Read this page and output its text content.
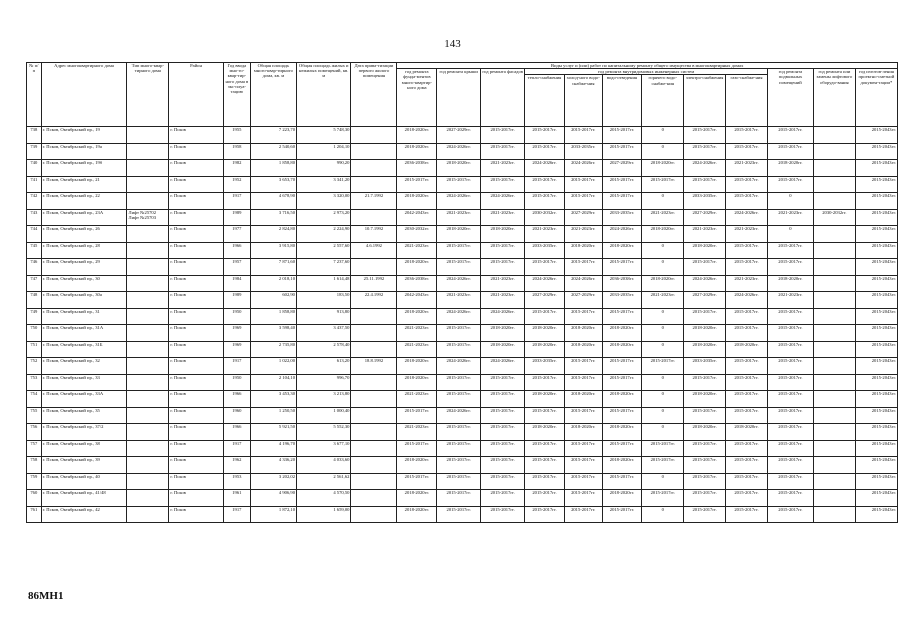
143
№ п/п	Адрес многоквартирного дома	Тип много-квар-тирного дома	Район	Год ввода мно-го-квар-тир-ного дома в экс-плуа-тацию	Общая площадь много-квар-тирного дома, кв. м	Общая площадь жилых и нежилых помещений, кв. м	Дата прива-тизации первого жилого помещения	Виды услуг и (или) работ по капитальному ремонту общего имущества в многоквартирных домах											
								год ремонта фунда-ментов много-квартир-ного дома	год ремонта крыши	год ремонта фасадов	год ремонта внутридомовых инженерных систем						год ремонта подвальных помещений	год ремонта или замены лифтового оборудо-вания	год изготов-ления проектно-сметной докумен-тации*
											тепло-снабжения	холод-ного водо-снабже-ния	водо-отведения	горячего водо-снабже-ния	электро-снабжения	газо-снабже-ния			
738	г. Псков, Октябрьский пр., 19		г. Псков	1955	7 223,70	5 748,30		2018-2020гг.	2027-2029гг.	2015-2017гг.	2015-2017гг.	2015-2017гг.	2015-2017гг.	0	2015-2017гг.	2015-2017гг.	2015-2017гг.		2015-2043гг.
739	г. Псков, Октябрьский пр., 19а		г. Псков	1958	2 540,60	1 204,10		2018-2020гг.	2024-2026гг.	2015-2017гг.	2015-2017гг.	2033-2035гг.	2015-2017гг.	0	2015-2017гг.	2015-2017гг.	2015-2017гг.		2015-2043гг.
740	г. Псков, Октябрьский пр., 19б		г. Псков	1982	1 858,80	990,20		2036-2038гг.	2018-2020гг.	2021-2023гг.	2024-2026гг.	2024-2026гг.	2027-2029гг.	2018-2020гг.	2024-2026гг.	2021-2023гг.	2018-2020гг.		2015-2043гг.
741	г. Псков, Октябрьский пр., 21		г. Псков	1952	3 653,70	3 341,20		2015-2017гг.	2015-2017гг.	2015-2017гг.	2015-2017гг.	2015-2017гг.	2015-2017гг.	2015-2017гг.	2015-2017гг.	2015-2017гг.	2015-2017гг.		2015-2043гг.
742	г. Псков, Октябрьский пр., 22		г. Псков	1917	4 678,90	3 320,00	21.7.1992	2018-2020гг.	2024-2026гг.	2024-2026гг.	2015-2017гг.	2015-2017гг.	2015-2017гг.	0	2033-2035гг.	2015-2017гг.	0		2015-2043гг.
743	г. Псков, Октябрьский пр., 23А	Лифт №25702 Лифт №25703	г. Псков	1989	3 716,50	2 973,20		2042-2043гг.	2021-2023гг.	2021-2023гг.	2030-2032гг.	2027-2029гг.	2033-2035гг.	2021-2023гг.	2027-2029гг.	2024-2026гг.	2021-2023гг.	2030-2032гг.	2015-2043гг.
744	г. Псков, Октябрьский пр., 26		г. Псков	1977	2 824,80	2 224,90	10.7.1992	2030-2032гг.	2018-2020гг.	2018-2020гг.	2021-2023гг.	2021-2023гг.	2024-2026гг.	2018-2020гг.	2021-2023гг.	2021-2023гг.	0		2015-2043гг.
745	г. Псков, Октябрьский пр., 28		г. Псков	1966	3 915,80	2 557,60	4.6.1992	2021-2023гг.	2015-2017гг.	2015-2017гг.	2033-2035гг.	2018-2020гг.	2018-2020гг.	0	2018-2020гг.	2015-2017гг.	2015-2017гг.		2015-2043гг.
746	г. Псков, Октябрьский пр., 29		г. Псков	1957	7 871,60	7 237,60		2018-2020гг.	2015-2017гг.	2015-2017гг.	2015-2017гг.	2015-2017гг.	2015-2017гг.	0	2015-2017гг.	2015-2017гг.	2015-2017гг.		2015-2043гг.
747	г. Псков, Октябрьский пр., 30		г. Псков	1984	2 018,10	1 614,48	25.11.1992	2036-2038гг.	2024-2026гг.	2021-2023гг.	2024-2026гг.	2024-2026гг.	2036-2038гг.	2018-2020гг.	2024-2026гг.	2021-2023гг.	2018-2020гг.		2015-2043гг.
748	г. Псков, Октябрьский пр., 30а		г. Псков	1989	602,90	183,50	22.4.1992	2042-2043гг.	2021-2023гг.	2021-2023гг.	2027-2029гг.	2027-2029гг.	2033-2035гг.	2021-2023гг.	2027-2029гг.	2024-2026гг.	2021-2023гг.		2015-2043гг.
749	г. Псков, Октябрьский пр., 31		г. Псков	1950	1 858,80	913,80		2018-2020гг.	2024-2026гг.	2024-2026гг.	2015-2017гг.	2015-2017гг.	2015-2017гг.	0	2015-2017гг.	2015-2017гг.	2015-2017гг.		2015-2043гг.
750	г. Псков, Октябрьский пр., 31А		г. Псков	1969	3 598,40	3 437,50		2021-2023гг.	2015-2017гг.	2018-2020гг.	2018-2020гг.	2018-2020гг.	2018-2020гг.	0	2018-2020гг.	2015-2017гг.	2015-2017гг.		2015-2043гг.
751	г. Псков, Октябрьский пр., 31Б		г. Псков	1969	2 735,80	2 578,40		2021-2023гг.	2015-2017гг.	2018-2020гг.	2018-2020гг.	2018-2020гг.	2018-2020гг.	0	2018-2020гг.	2018-2020гг.	2015-2017гг.		2015-2043гг.
752	г. Псков, Октябрьский пр., 32		г. Псков	1917	1 022,00	613,20	18.8.1992	2018-2020гг.	2024-2026гг.	2024-2026гг.	2033-2035гг.	2015-2017гг.	2015-2017гг.	2015-2017гг.	2033-2035гг.	2015-2017гг.	2015-2017гг.		2015-2043гг.
753	г. Псков, Октябрьский пр., 33		г. Псков	1950	2 104,10	996,70		2018-2020гг.	2015-2017гг.	2015-2017гг.	2015-2017гг.	2015-2017гг.	2015-2017гг.	0	2015-2017гг.	2015-2017гг.	2015-2017гг.		2015-2043гг.
754	г. Псков, Октябрьский пр., 33А		г. Псков	1966	3 453,30	3 213,80		2021-2023гг.	2015-2017гг.	2015-2017гг.	2018-2020гг.	2018-2020гг.	2018-2020гг.	0	2018-2020гг.	2015-2017гг.	2015-2017гг.		2015-2043гг.
755	г. Псков, Октябрьский пр., 35		г. Псков	1960	1 250,50	1 000,40		2015-2017гг.	2024-2026гг.	2015-2017гг.	2015-2017гг.	2015-2017гг.	2015-2017гг.	0	2015-2017гг.	2015-2017гг.	2015-2017гг.		2015-2043гг.
756	г. Псков, Октябрьский пр., 37/2		г. Псков	1966	5 921,50	5 552,30		2021-2023гг.	2015-2017гг.	2015-2017гг.	2018-2020гг.	2018-2020гг.	2018-2020гг.	0	2018-2020гг.	2018-2020гг.	2015-2017гг.		2015-2043гг.
757	г. Псков, Октябрьский пр., 38		г. Псков	1917	4 196,70	3 677,10		2015-2017гг.	2015-2017гг.	2015-2017гг.	2015-2017гг.	2015-2017гг.	2015-2017гг.	2015-2017гг.	2015-2017гг.	2015-2017гг.	2015-2017гг.		2015-2043гг.
758	г. Псков, Октябрьский пр., 39		г. Псков	1962	4 336,20	4 033,60		2018-2020гг.	2015-2017гг.	2015-2017гг.	2015-2017гг.	2015-2017гг.	2018-2020гг.	2015-2017гг.	2015-2017гг.	2015-2017гг.	2015-2017гг.		2015-2043гг.
759	г. Псков, Октябрьский пр., 40		г. Псков	1953	3 202,02	2 561,62		2015-2017гг.	2015-2017гг.	2015-2017гг.	2015-2017гг.	2015-2017гг.	2015-2017гг.	0	2015-2017гг.	2015-2017гг.	2015-2017гг.		2015-2043гг.
760	г. Псков, Октябрьский пр., 41/48		г. Псков	1961	4 906,90	4 570,50		2018-2020гг.	2015-2017гг.	2015-2017гг.	2015-2017гг.	2015-2017гг.	2018-2020гг.	2015-2017гг.	2015-2017гг.	2015-2017гг.	2015-2017гг.		2015-2043гг.
761	г. Псков, Октябрьский пр., 42		г. Псков	1917	1 872,10	1 659,00		2018-2020гг.	2015-2017гг.	2015-2017гг.	2015-2017гг.	2015-2017гг.	2015-2017гг.	0	2015-2017гг.	2015-2017гг.	2015-2017гг.		2015-2043гг.
86МН1
